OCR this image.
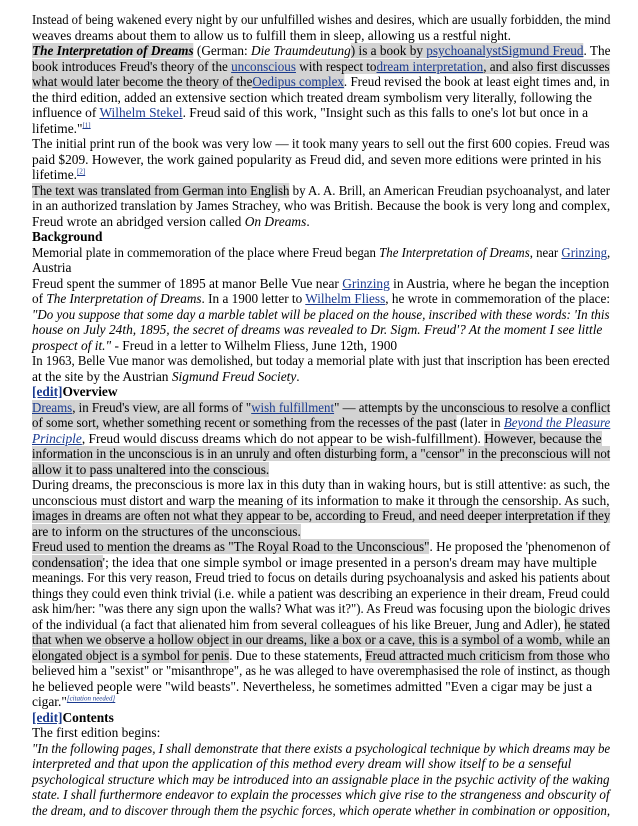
Instead of being wakened every night by our unfulfilled wishes and desires, which are usually forbidden, the mind
weaves dreams about them to allow us to fulfill them in sleep, allowing us a restful night.
The Interpretation of Dreams (German: Die Traumdeutung) is a book by psychoanalystSigmund Freud. The
book introduces Freud's theory of the unconscious with respect todream interpretation, and also first discusses
what would later become the theory of theOedipus complex. Freud revised the book at least eight times and, in
the third edition, added an extensive section which treated dream symbolism very literally, following the
influence of Wilhelm Stekel. Freud said of this work, "Insight such as this falls to one's lot but once in a
lifetime."[1]
The initial print run of the book was very low — it took many years to sell out the first 600 copies. Freud was
paid $209. However, the work gained popularity as Freud did, and seven more editions were printed in his
lifetime.[2]
The text was translated from German into English by A. A. Brill, an American Freudian psychoanalyst, and later
in an authorized translation by James Strachey, who was British. Because the book is very long and complex,
Freud wrote an abridged version called On Dreams.
Background
Memorial plate in commemoration of the place where Freud began The Interpretation of Dreams, near Grinzing,
Austria
Freud spent the summer of 1895 at manor Belle Vue near Grinzing in Austria, where he began the inception
of The Interpretation of Dreams. In a 1900 letter to Wilhelm Fliess, he wrote in commemoration of the place:
"Do you suppose that some day a marble tablet will be placed on the house, inscribed with these words: 'In this
house on July 24th, 1895, the secret of dreams was revealed to Dr. Sigm. Freud'? At the moment I see little
prospect of it." - Freud in a letter to Wilhelm Fliess, June 12th, 1900
In 1963, Belle Vue manor was demolished, but today a memorial plate with just that inscription has been erected
at the site by the Austrian Sigmund Freud Society.
[edit]Overview
Dreams, in Freud's view, are all forms of "wish fulfillment" — attempts by the unconscious to resolve a conflict
of some sort, whether something recent or something from the recesses of the past (later in Beyond the Pleasure
Principle, Freud would discuss dreams which do not appear to be wish-fulfillment). However, because the
information in the unconscious is in an unruly and often disturbing form, a "censor" in the preconscious will not
allow it to pass unaltered into the conscious.
During dreams, the preconscious is more lax in this duty than in waking hours, but is still attentive: as such, the
unconscious must distort and warp the meaning of its information to make it through the censorship. As such,
images in dreams are often not what they appear to be, according to Freud, and need deeper interpretation if they
are to inform on the structures of the unconscious.
Freud used to mention the dreams as "The Royal Road to the Unconscious". He proposed the 'phenomenon of
condensation'; the idea that one simple symbol or image presented in a person's dream may have multiple
meanings. For this very reason, Freud tried to focus on details during psychoanalysis and asked his patients about
things they could even think trivial (i.e. while a patient was describing an experience in their dream, Freud could
ask him/her: "was there any sign upon the walls? What was it?"). As Freud was focusing upon the biologic drives
of the individual (a fact that alienated him from several colleagues of his like Breuer, Jung and Adler), he stated
that when we observe a hollow object in our dreams, like a box or a cave, this is a symbol of a womb, while an
elongated object is a symbol for penis. Due to these statements, Freud attracted much criticism from those who
believed him a "sexist" or "misanthrope", as he was alleged to have overemphasised the role of instinct, as though
he believed people were "wild beasts". Nevertheless, he sometimes admitted "Even a cigar may be just a
cigar."[citation needed]
[edit]Contents
The first edition begins:
"In the following pages, I shall demonstrate that there exists a psychological technique by which dreams may be
interpreted and that upon the application of this method every dream will show itself to be a senseful
psychological structure which may be introduced into an assignable place in the psychic activity of the waking
state. I shall furthermore endeavor to explain the processes which give rise to the strangeness and obscurity of
the dream, and to discover through them the psychic forces, which operate whether in combination or opposition,
